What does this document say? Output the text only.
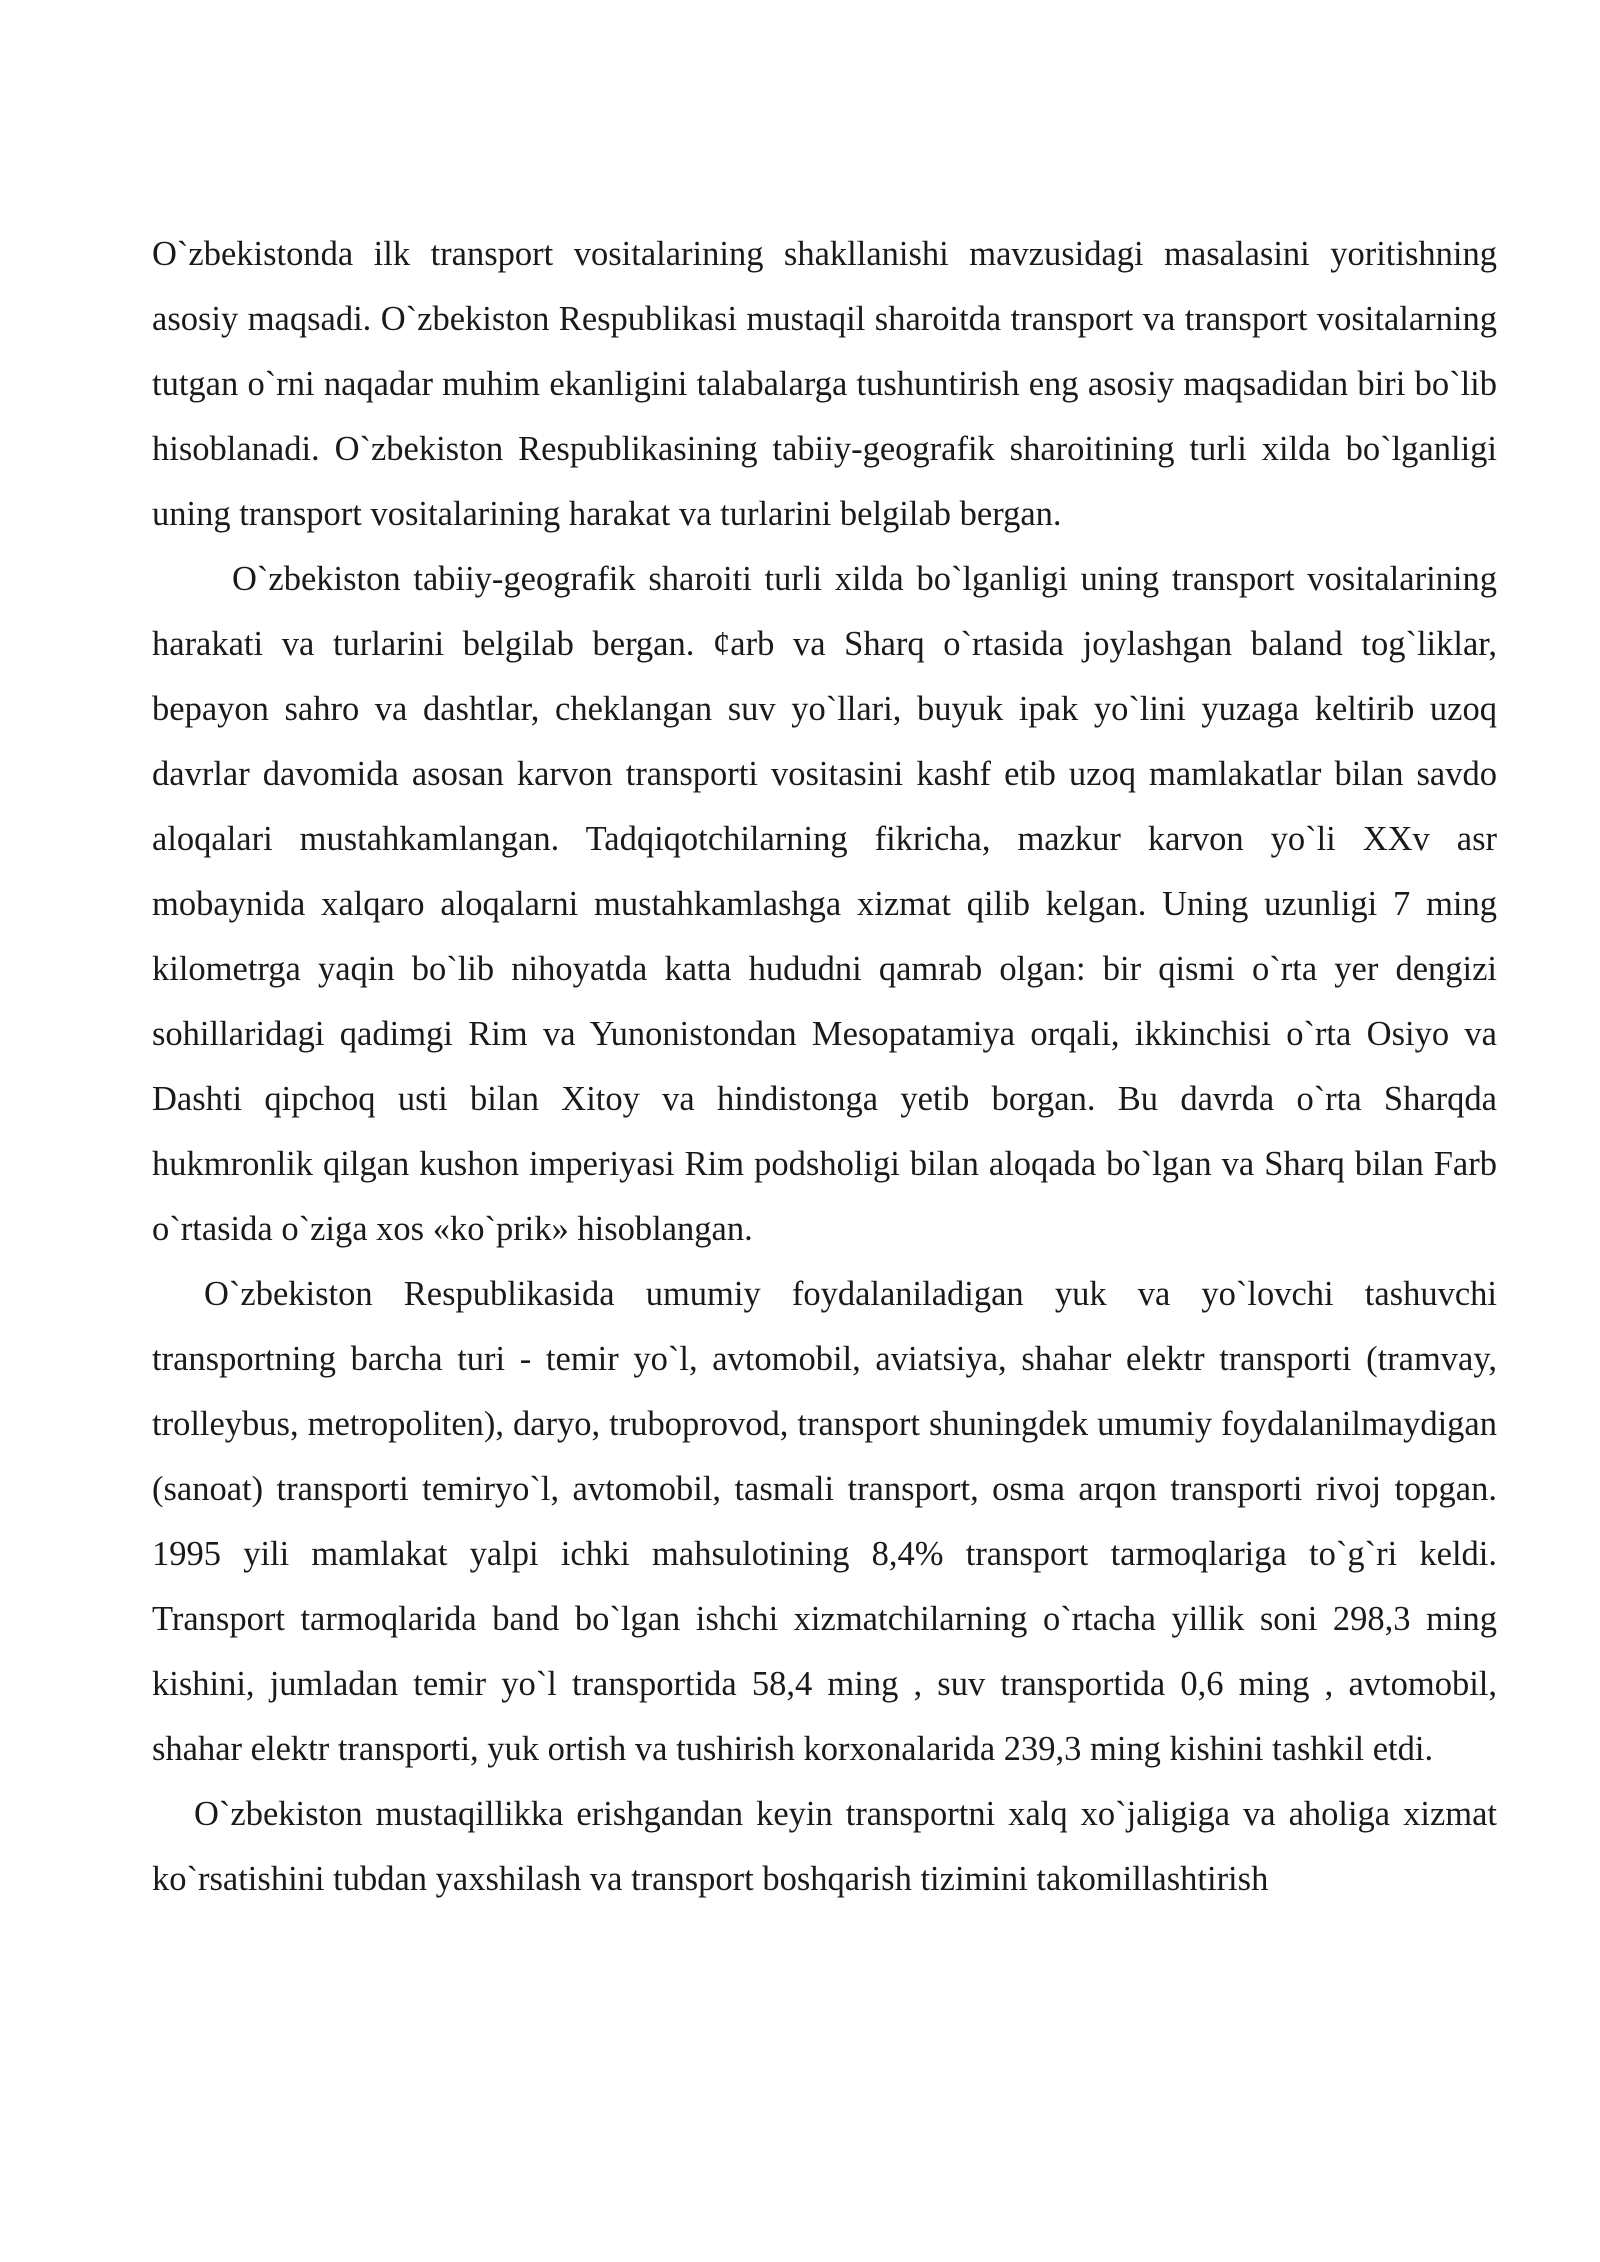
O`zbekistonda ilk transport vositalarining shakllanishi mavzusidagi masalasini yoritishning asosiy maqsadi. O`zbekiston Respublikasi mustaqil sharoitda transport va transport vositalarning tutgan o`rni naqadar muhim ekanligini talabalarga tushuntirish eng asosiy maqsadidan biri bo`lib hisoblanadi. O`zbekiston Respublikasining tabiiy-geografik sharoitining turli xilda bo`lganligi uning transport vositalarining harakat va turlarini belgilab bergan.

O`zbekiston tabiiy-geografik sharoiti turli xilda bo`lganligi uning transport vositalarining harakati va turlarini belgilab bergan. ¢arb va Sharq o`rtasida joylashgan baland tog`liklar, bepayon sahro va dashtlar, cheklangan suv yo`llari, buyuk ipak yo`lini yuzaga keltirib uzoq davrlar davomida asosan karvon transporti vositasini kashf etib uzoq mamlakatlar bilan savdo aloqalari mustahkamlangan. Tadqiqotchilarning fikricha, mazkur karvon yo`li XXv asr mobaynida xalqaro aloqalarni mustahkamlashga xizmat qilib kelgan. Uning uzunligi 7 ming kilometrga yaqin bo`lib nihoyatda katta hududni qamrab olgan: bir qismi o`rta yer dengizi sohillaridagi qadimgi Rim va Yunonistondan Mesopatamiya orqali, ikkinchisi o`rta Osiyo va Dashti qipchoq usti bilan Xitoy va hindistonga yetib borgan. Bu davrda o`rta Sharqda hukmronlik qilgan kushon imperiyasi Rim podsholigi bilan aloqada bo`lgan va Sharq bilan Farb o`rtasida o`ziga xos «ko`prik» hisoblangan.

O`zbekiston Respublikasida umumiy foydalaniladigan yuk va yo`lovchi tashuvchi transportning barcha turi - temir yo`l, avtomobil, aviatsiya, shahar elektr transporti (tramvay, trolleybus, metropoliten), daryo, truboprovod, transport shuningdek umumiy foydalanilmaydigan (sanoat) transporti temiryo`l, avtomobil, tasmali transport, osma arqon transporti rivoj topgan. 1995 yili mamlakat yalpi ichki mahsulotining 8,4% transport tarmoqlariga to`g`ri keldi. Transport tarmoqlarida band bo`lgan ishchi xizmatchilarning o`rtacha yillik soni 298,3 ming kishini, jumladan temir yo`l transportida 58,4 ming , suv transportida 0,6 ming , avtomobil, shahar elektr transporti, yuk ortish va tushirish korxonalarida 239,3 ming kishini tashkil etdi.

O`zbekiston mustaqillikka erishgandan keyin transportni xalq xo`jaligiga va aholiga xizmat ko`rsatishini tubdan yaxshilash va transport boshqarish tizimini takomillashtirish
